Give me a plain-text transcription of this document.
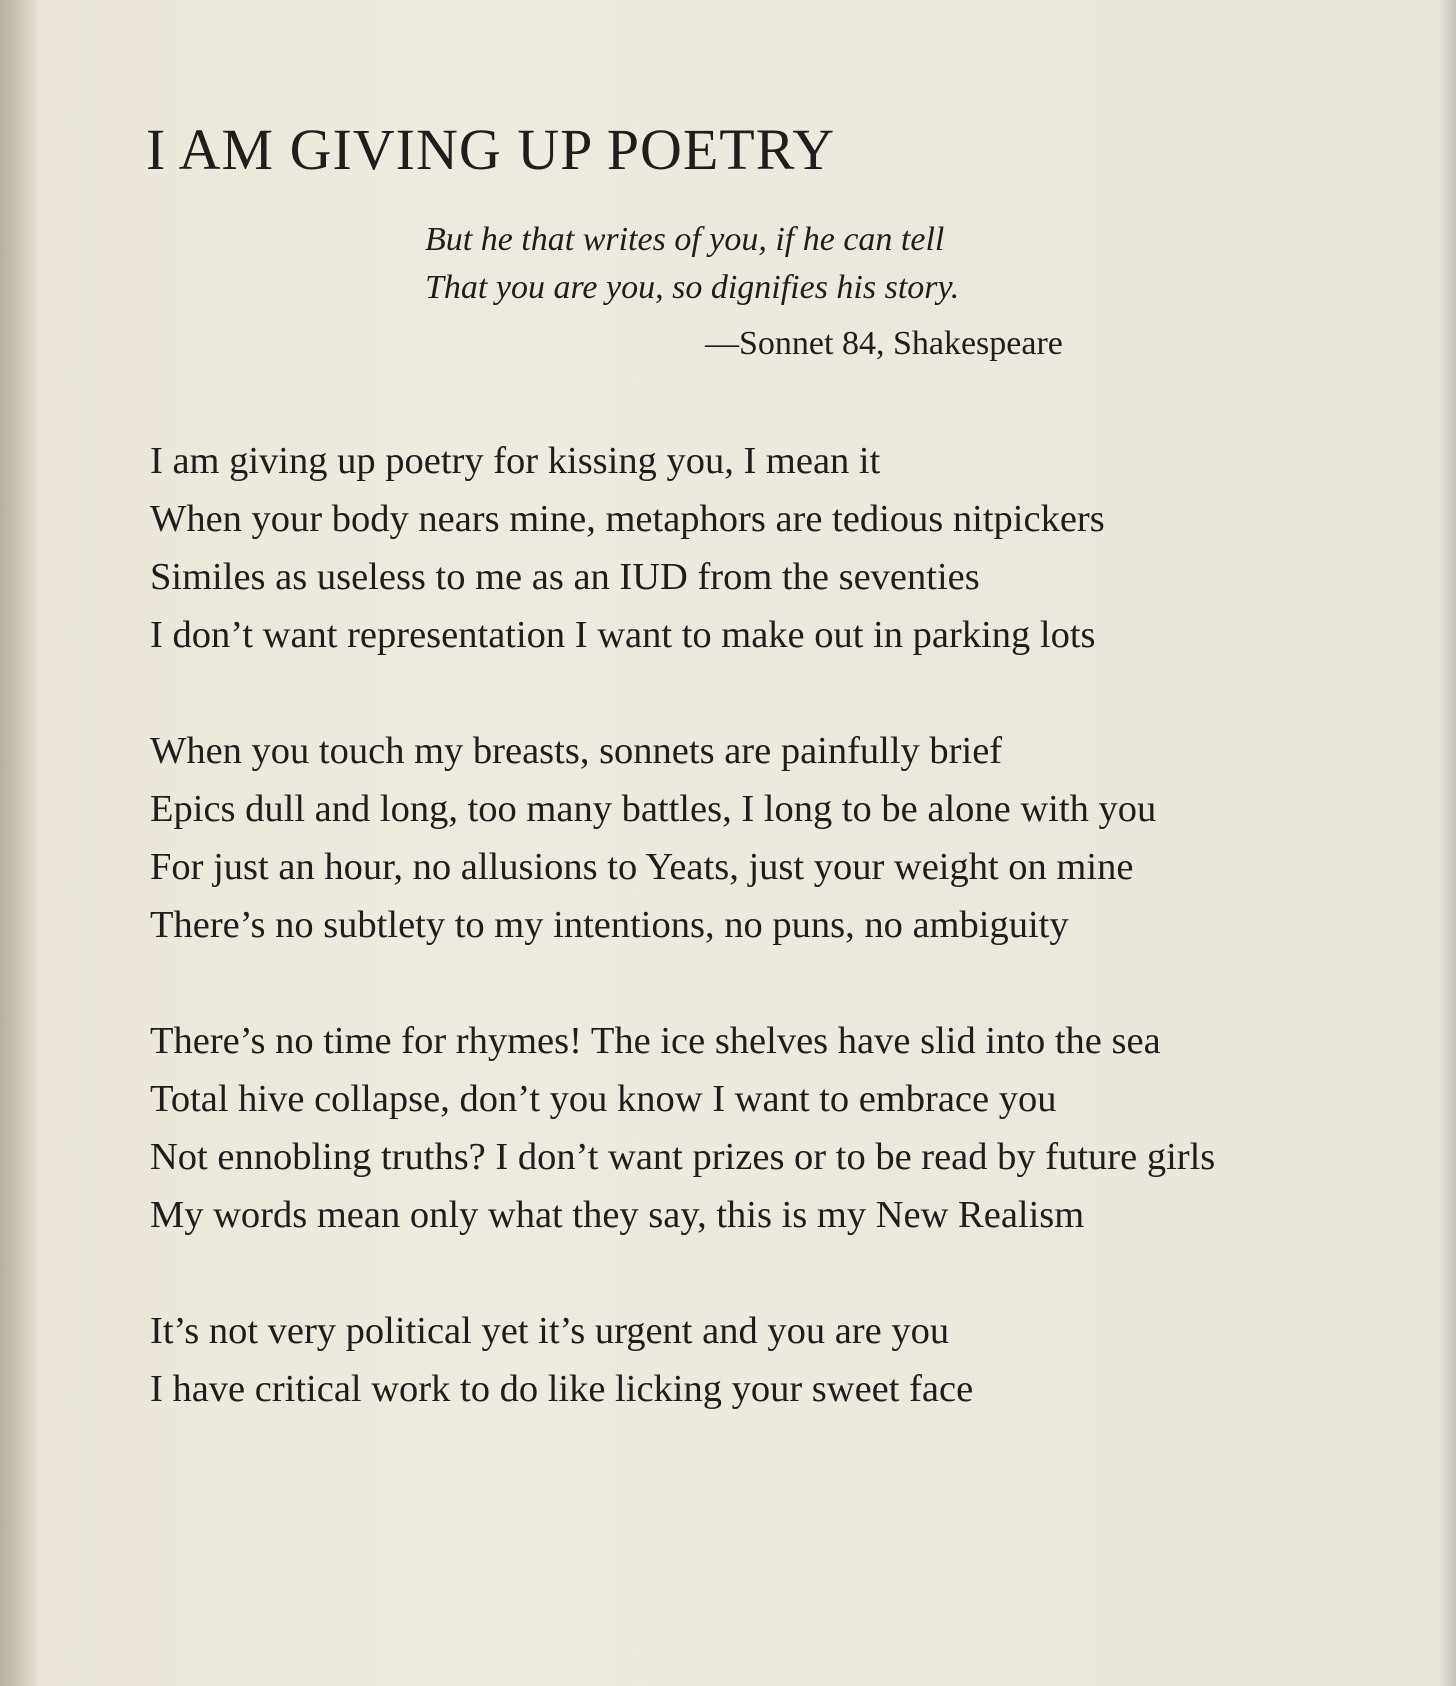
I AM GIVING UP POETRY
But he that writes of you, if he can tell
That you are you, so dignifies his story.
—Sonnet 84, Shakespeare
I am giving up poetry for kissing you, I mean it
When your body nears mine, metaphors are tedious nitpickers
Similes as useless to me as an IUD from the seventies
I don’t want representation I want to make out in parking lots
When you touch my breasts, sonnets are painfully brief
Epics dull and long, too many battles, I long to be alone with you
For just an hour, no allusions to Yeats, just your weight on mine
There’s no subtlety to my intentions, no puns, no ambiguity
There’s no time for rhymes! The ice shelves have slid into the sea
Total hive collapse, don’t you know I want to embrace you
Not ennobling truths? I don’t want prizes or to be read by future girls
My words mean only what they say, this is my New Realism
It’s not very political yet it’s urgent and you are you
I have critical work to do like licking your sweet face
